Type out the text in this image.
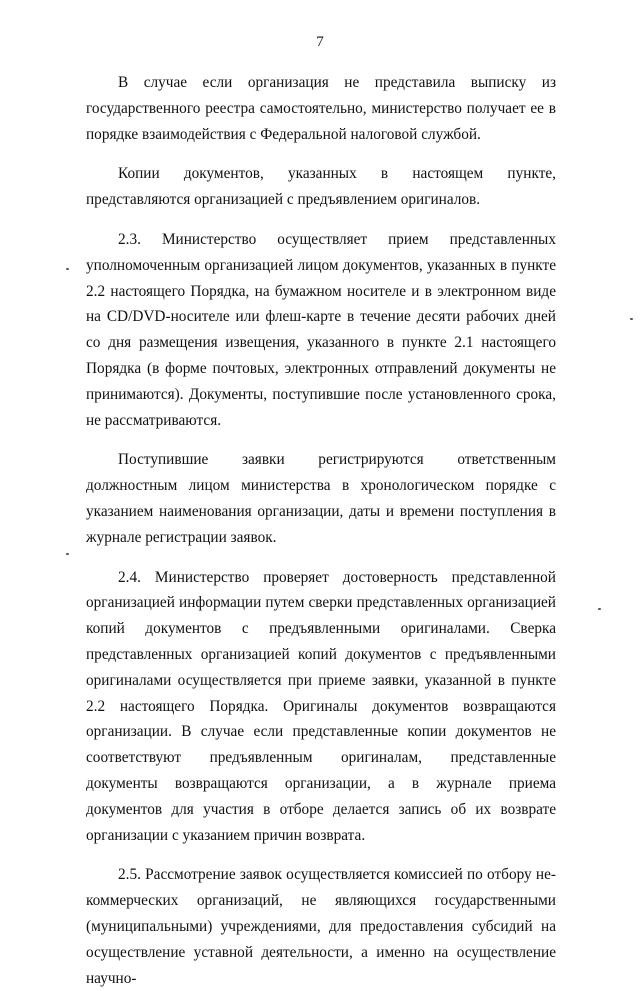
7

В случае если организация не представила выписку из государственного реестра самостоятельно, министерство получает ее в порядке взаимодействия с Федеральной налоговой службой.

Копии документов, указанных в настоящем пункте, представляются организацией с предъявлением оригиналов.

2.3. Министерство осуществляет прием представленных уполномоченным организацией лицом документов, указанных в пункте 2.2 настоящего Порядка, на бумажном носителе и в электронном виде на CD/DVD-носителе или флеш-карте в течение десяти рабочих дней со дня размещения извещения, указанного в пункте 2.1 настоящего Порядка (в форме почтовых, электронных отправлений документы не принимаются). Документы, поступившие после установленного срока, не рассматриваются.

Поступившие заявки регистрируются ответственным должностным лицом министерства в хронологическом порядке с указанием наименования организации, даты и времени поступления в журнале регистрации заявок.

2.4. Министерство проверяет достоверность представленной организацией информации путем сверки представленных организацией копий документов с предъявленными оригиналами. Сверка представленных организацией копий документов с предъявленными оригиналами осуществляется при приеме заявки, указанной в пункте 2.2 настоящего Порядка. Оригиналы документов возвращаются организации. В случае если представленные копии документов не соответствуют предъявленным оригиналам, представленные документы возвращаются организации, а в журнале приема документов для участия в отборе делается запись об их возврате организации с указанием причин возврата.

2.5. Рассмотрение заявок осуществляется комиссией по отбору некоммерческих организаций, не являющихся государственными (муниципальными) учреждениями, для предоставления субсидий на осуществление уставной деятельности, а именно на осуществление научно-
